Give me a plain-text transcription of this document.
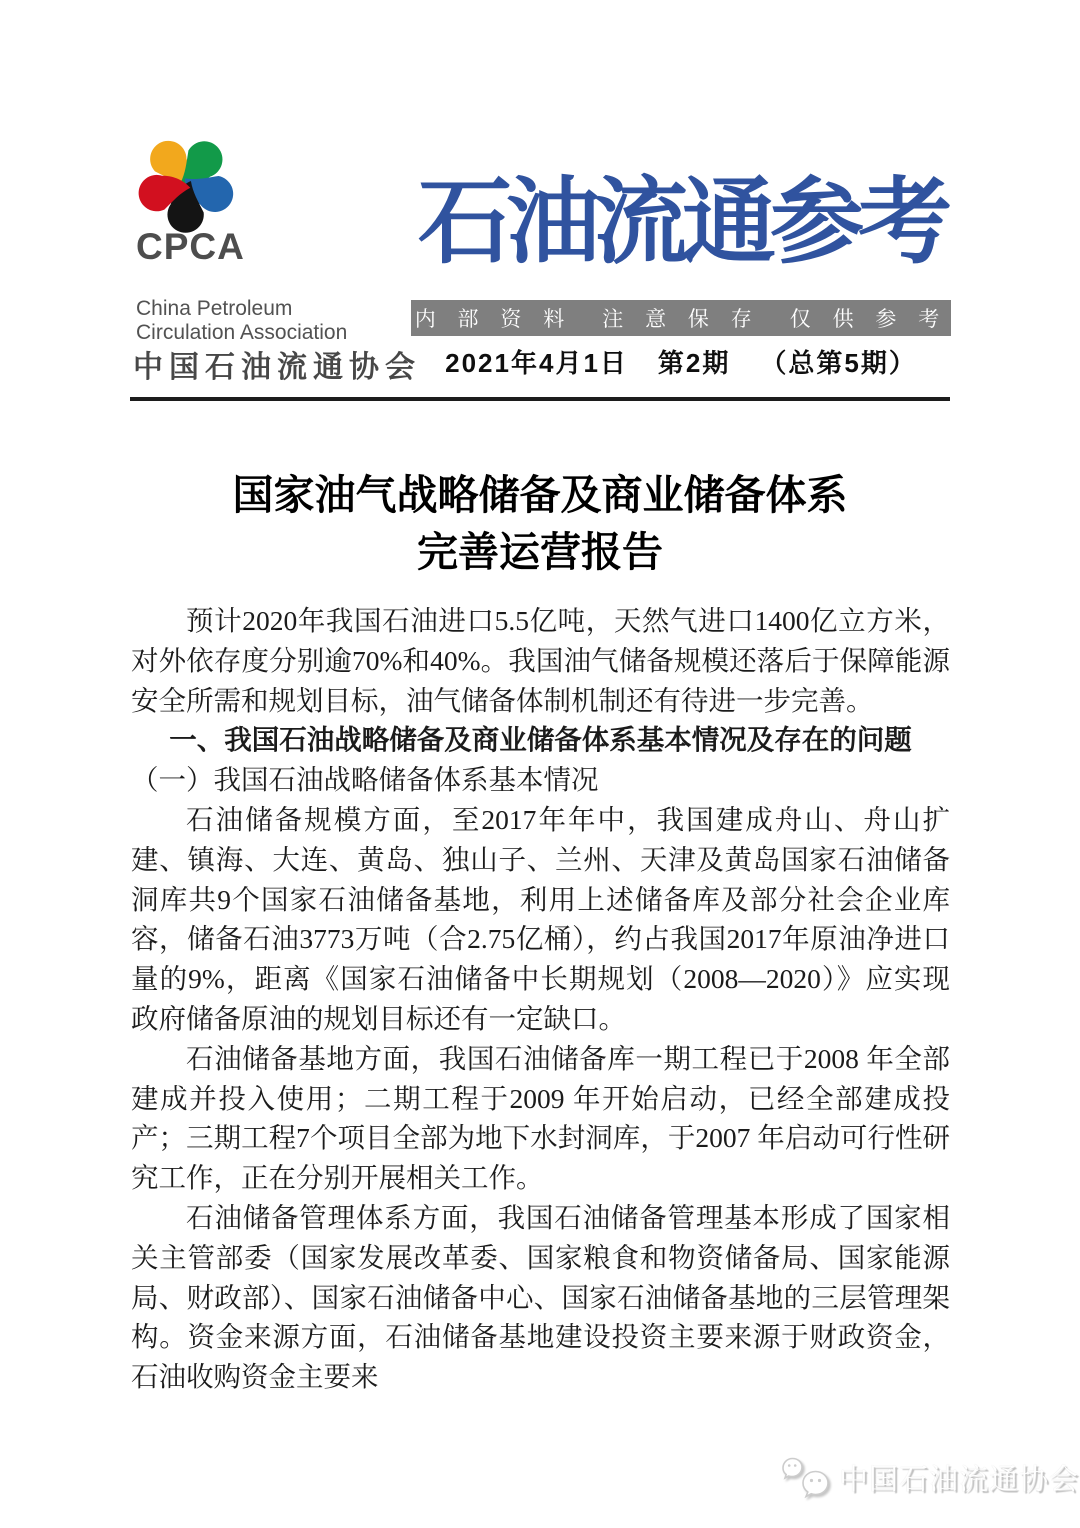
CPCA
China Petroleum
Circulation Association
中国石油流通协会
石油流通参考
内 部 资 料 注 意 保 存 仅 供 参 考
2021年4月1日 第2期 （总第5期）
国家油气战略储备及商业储备体系
完善运营报告

预计2020年我国石油进口5.5亿吨，天然气进口1400亿立方米，对外依存度分别逾70%和40%。我国油气储备规模还落后于保障能源安全所需和规划目标，油气储备体制机制还有待进一步完善。

一、我国石油战略储备及商业储备体系基本情况及存在的问题

（一）我国石油战略储备体系基本情况

石油储备规模方面，至2017年年中，我国建成舟山、舟山扩建、镇海、大连、黄岛、独山子、兰州、天津及黄岛国家石油储备洞库共9个国家石油储备基地，利用上述储备库及部分社会企业库容，储备石油3773万吨（合2.75亿桶），约占我国2017年原油净进口量的9%，距离《国家石油储备中长期规划（2008—2020）》应实现政府储备原油的规划目标还有一定缺口。

石油储备基地方面，我国石油储备库一期工程已于2008 年全部建成并投入使用；二期工程于2009 年开始启动，已经全部建成投产；三期工程7个项目全部为地下水封洞库，于2007 年启动可行性研究工作，正在分别开展相关工作。

石油储备管理体系方面，我国石油储备管理基本形成了国家相关主管部委（国家发展改革委、国家粮食和物资储备局、国家能源局、财政部）、国家石油储备中心、国家石油储备基地的三层管理架构。资金来源方面，石油储备基地建设投资主要来源于财政资金，石油收购资金主要来

中国石油流通协会
